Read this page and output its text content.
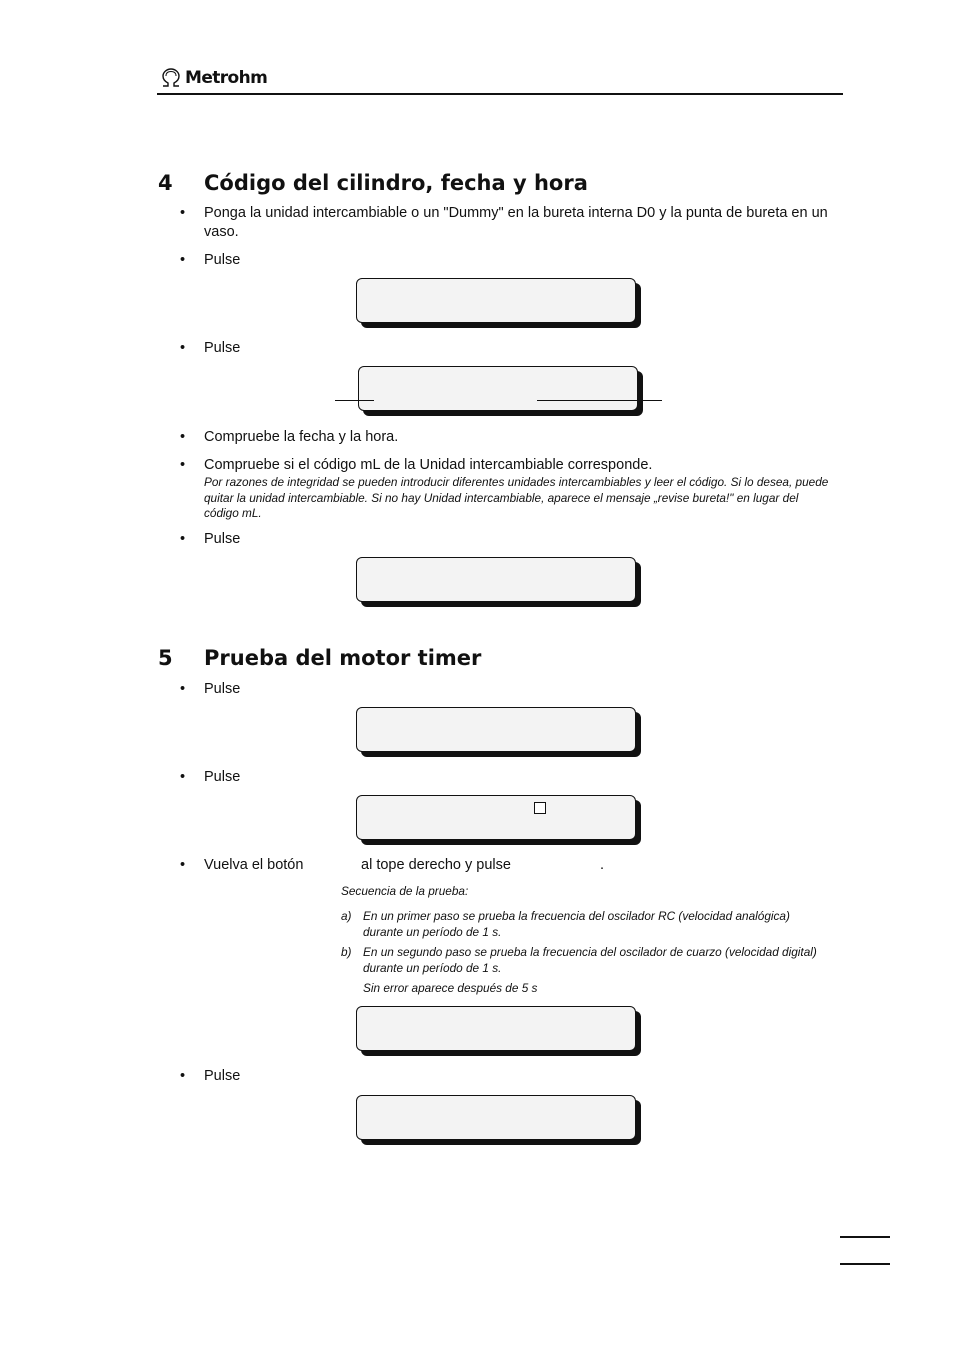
Metrohm
4 Código del cilindro, fecha y hora
• Ponga la unidad intercambiable o un "Dummy" en la bureta interna D0 y la punta de bureta en un vaso.
• Pulse
• Pulse
• Compruebe la fecha y la hora.
• Compruebe si el código mL de la Unidad intercambiable corresponde.
Por razones de integridad se pueden introducir diferentes unidades intercambiables y leer el código. Si lo desea, puede quitar la unidad intercambiable. Si no hay Unidad intercambiable, aparece el mensaje „revise bureta!" en lugar del código mL.
• Pulse
5 Prueba del motor timer
• Pulse
• Pulse
• Vuelva el botón	al tope derecho y pulse	.
Secuencia de la prueba:
a) En un primer paso se prueba la frecuencia del oscilador RC (velocidad analógica) durante un período de 1 s.
b) En un segundo paso se prueba la frecuencia del oscilador de cuarzo (velocidad digital) durante un período de 1 s.
Sin error aparece después de 5 s
• Pulse
